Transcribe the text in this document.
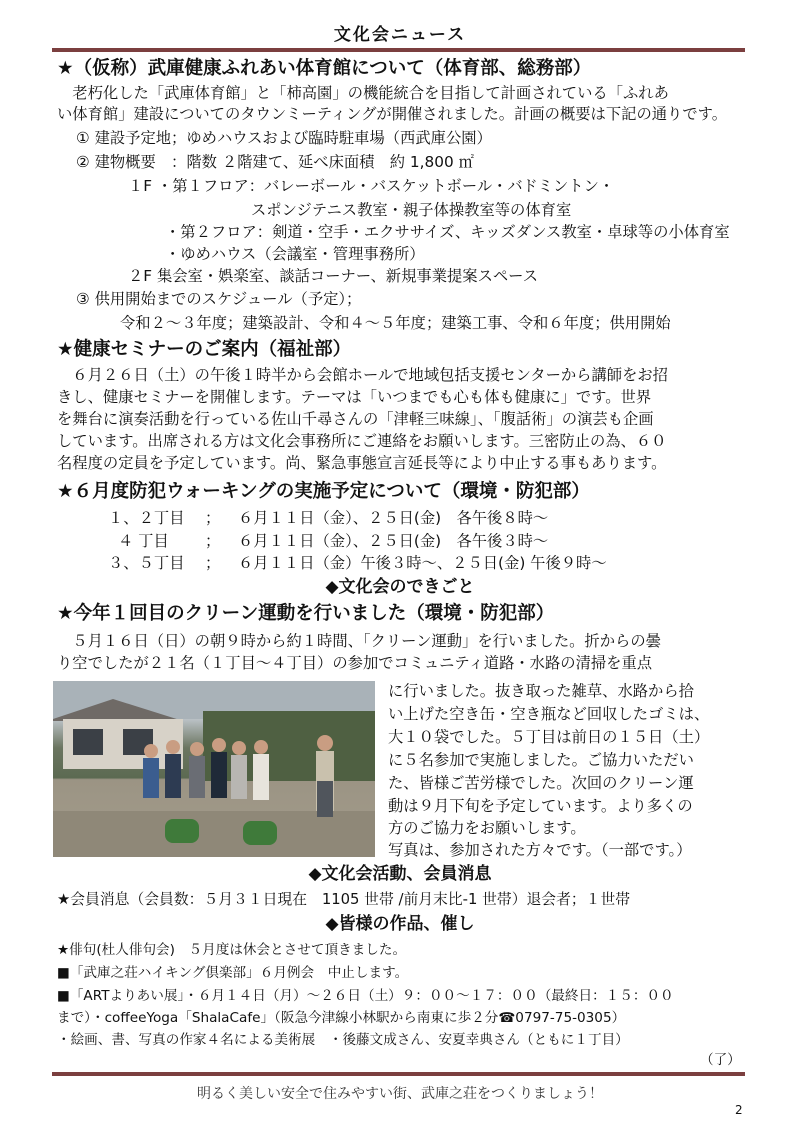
文化会ニュース
★（仮称）武庫健康ふれあい体育館について（体育部、総務部）
　老朽化した「武庫体育館」と「柿高園」の機能統合を目指して計画されている「ふれあ
い体育館」建設についてのタウンミーティングが開催されました。計画の概要は下記の通りです。
① 建設予定地；ゆめハウスおよび臨時駐車場（西武庫公園）
② 建物概要　：階数 ２階建て、延べ床面積　約 1,800 ㎡
１F ・第１フロア：バレーボール・バスケットボール・バドミントン・
スポンジテニス教室・親子体操教室等の体育室
・第２フロア：剣道・空手・エクササイズ、キッズダンス教室・卓球等の小体育室
・ゆめハウス（会議室・管理事務所）
２F 集会室・娯楽室、談話コーナー、新規事業提案スペース
③ 供用開始までのスケジュール（予定）；
令和２～３年度；建築設計、令和４～５年度；建築工事、令和６年度；供用開始
★健康セミナーのご案内（福祉部）
　６月２６日（土）の午後１時半から会館ホールで地域包括支援センターから講師をお招
きし、健康セミナーを開催します。テーマは「いつまでも心も体も健康に」です。世界
を舞台に演奏活動を行っている佐山千尋さんの「津軽三味線」、「腹話術」の演芸も企画
しています。出席される方は文化会事務所にご連絡をお願いします。三密防止の為、６０
名程度の定員を予定しています。尚、緊急事態宣言延長等により中止する事もあります。
★６月度防犯ウォーキングの実施予定について（環境・防犯部）
１、２丁目 ； ６月１１日（金）、２５日(金)　各午後８時～
４ 丁目 ； ６月１１日（金）、２５日(金)　各午後３時～
３、５丁目 ； ６月１１日（金）午後３時～、２５日(金) 午後９時～
◆文化会のできごと
★今年１回目のクリーン運動を行いました（環境・防犯部）
　５月１６日（日）の朝９時から約１時間、「クリーン運動」を行いました。折からの曇
り空でしたが２１名（１丁目～４丁目）の参加でコミュニティ道路・水路の清掃を重点
に行いました。抜き取った雑草、水路から拾
い上げた空き缶・空き瓶など回収したゴミは、
大１０袋でした。５丁目は前日の１５日（土）
に５名参加で実施しました。ご協力いただい
た、皆様ご苦労様でした。次回のクリーン運
動は９月下旬を予定しています。より多くの
方のご協力をお願いします。
写真は、参加された方々です。（一部です。）
◆文化会活動、会員消息
★会員消息（会員数：５月３１日現在　1105 世帯 /前月末比-1 世帯）退会者；１世帯
◆皆様の作品、催し
★俳句(杜人俳句会)　５月度は休会とさせて頂きました。
■「武庫之荘ハイキング倶楽部」６月例会　中止します。
■「ARTよりあい展」・６月１４日（月）～２６日（土）９：００～１７：００（最終日：１５：００
まで）・coffeeYoga「ShalaCafe」（阪急今津線小林駅から南東に歩２分☎0797-75-0305）
・絵画、書、写真の作家４名による美術展　・後藤文成さん、安夏幸典さん（ともに１丁目）
（了）
明るく美しい安全で住みやすい街、武庫之荘をつくりましょう！
2
